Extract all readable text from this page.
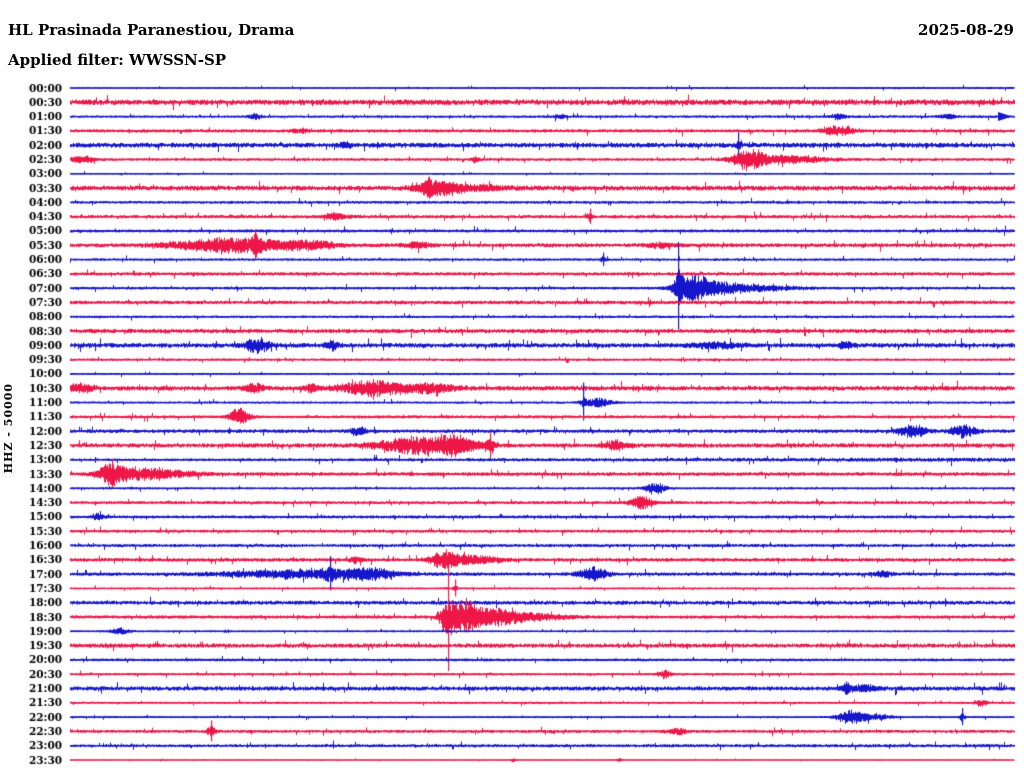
HL Prasinada Paranestiou, Drama	2025-08-29
Applied filter: WWSSN-SP
HHZ - 50000
